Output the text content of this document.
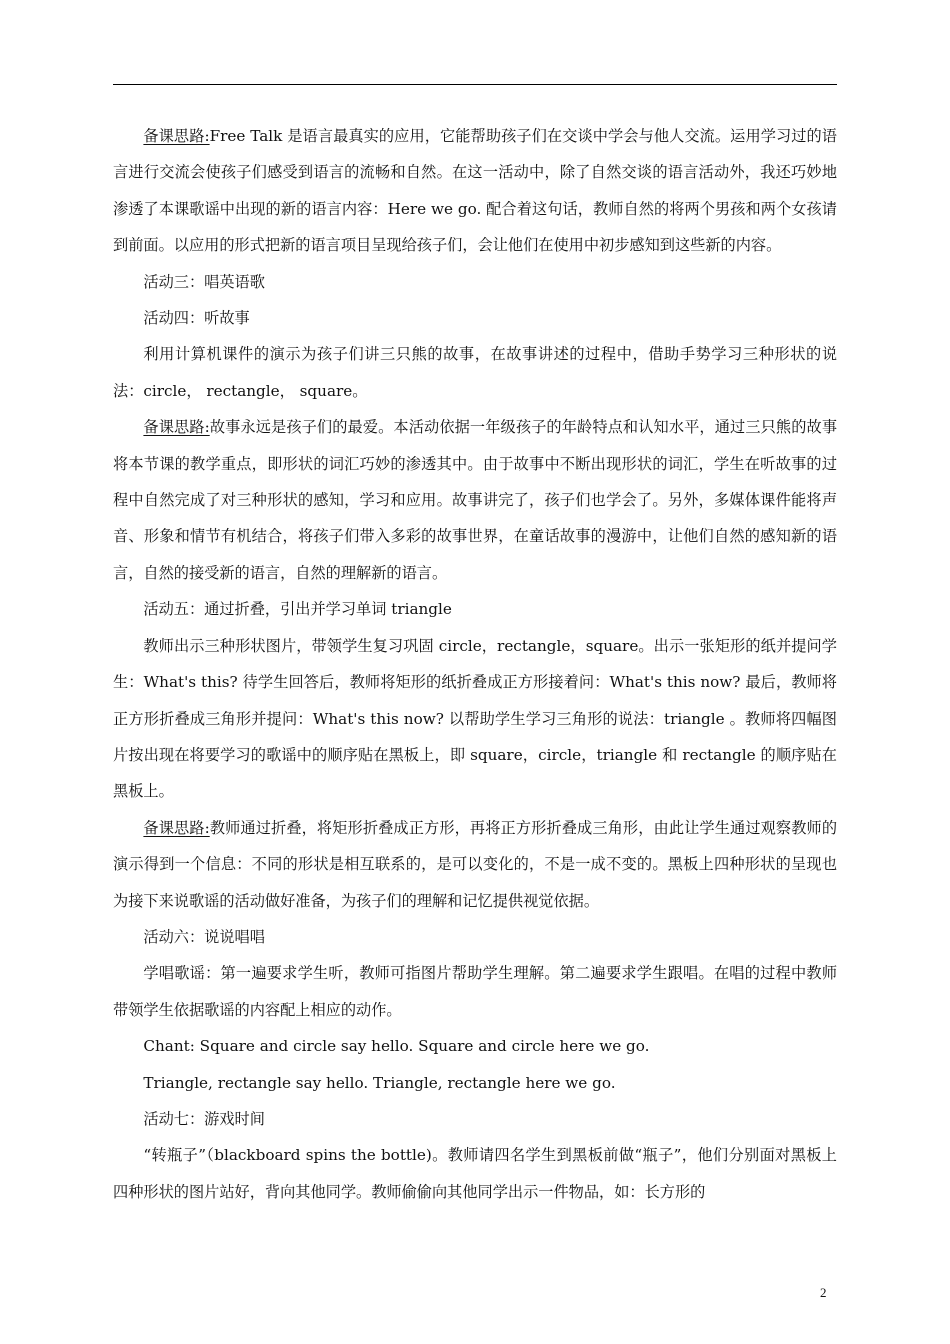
备课思路:Free Talk 是语言最真实的应用，它能帮助孩子们在交谈中学会与他人交流。运用学习过的语言进行交流会使孩子们感受到语言的流畅和自然。在这一活动中，除了自然交谈的语言活动外，我还巧妙地渗透了本课歌谣中出现的新的语言内容：Here we go. 配合着这句话，教师自然的将两个男孩和两个女孩请到前面。以应用的形式把新的语言项目呈现给孩子们，会让他们在使用中初步感知到这些新的内容。

活动三：唱英语歌

活动四：听故事

利用计算机课件的演示为孩子们讲三只熊的故事，在故事讲述的过程中，借助手势学习三种形状的说法：circle， rectangle， square。

备课思路:故事永远是孩子们的最爱。本活动依据一年级孩子的年龄特点和认知水平，通过三只熊的故事将本节课的教学重点，即形状的词汇巧妙的渗透其中。由于故事中不断出现形状的词汇，学生在听故事的过程中自然完成了对三种形状的感知，学习和应用。故事讲完了，孩子们也学会了。另外，多媒体课件能将声音、形象和情节有机结合，将孩子们带入多彩的故事世界，在童话故事的漫游中，让他们自然的感知新的语言，自然的接受新的语言，自然的理解新的语言。

活动五：通过折叠，引出并学习单词 triangle

教师出示三种形状图片，带领学生复习巩固 circle，rectangle，square。出示一张矩形的纸并提问学生：What's this? 待学生回答后，教师将矩形的纸折叠成正方形接着问：What's this now? 最后，教师将正方形折叠成三角形并提问：What's this now? 以帮助学生学习三角形的说法：triangle 。教师将四幅图片按出现在将要学习的歌谣中的顺序贴在黑板上，即 square，circle，triangle 和 rectangle 的顺序贴在黑板上。

备课思路:教师通过折叠，将矩形折叠成正方形，再将正方形折叠成三角形，由此让学生通过观察教师的演示得到一个信息：不同的形状是相互联系的，是可以变化的，不是一成不变的。黑板上四种形状的呈现也为接下来说歌谣的活动做好准备，为孩子们的理解和记忆提供视觉依据。

活动六：说说唱唱

学唱歌谣：第一遍要求学生听，教师可指图片帮助学生理解。第二遍要求学生跟唱。在唱的过程中教师带领学生依据歌谣的内容配上相应的动作。

Chant: Square and circle say hello. Square and circle here we go.

Triangle, rectangle say hello. Triangle, rectangle here we go.

活动七：游戏时间

“转瓶子”（blackboard spins the bottle)。教师请四名学生到黑板前做“瓶子”，他们分别面对黑板上四种形状的图片站好，背向其他同学。教师偷偷向其他同学出示一件物品，如：长方形的

2
